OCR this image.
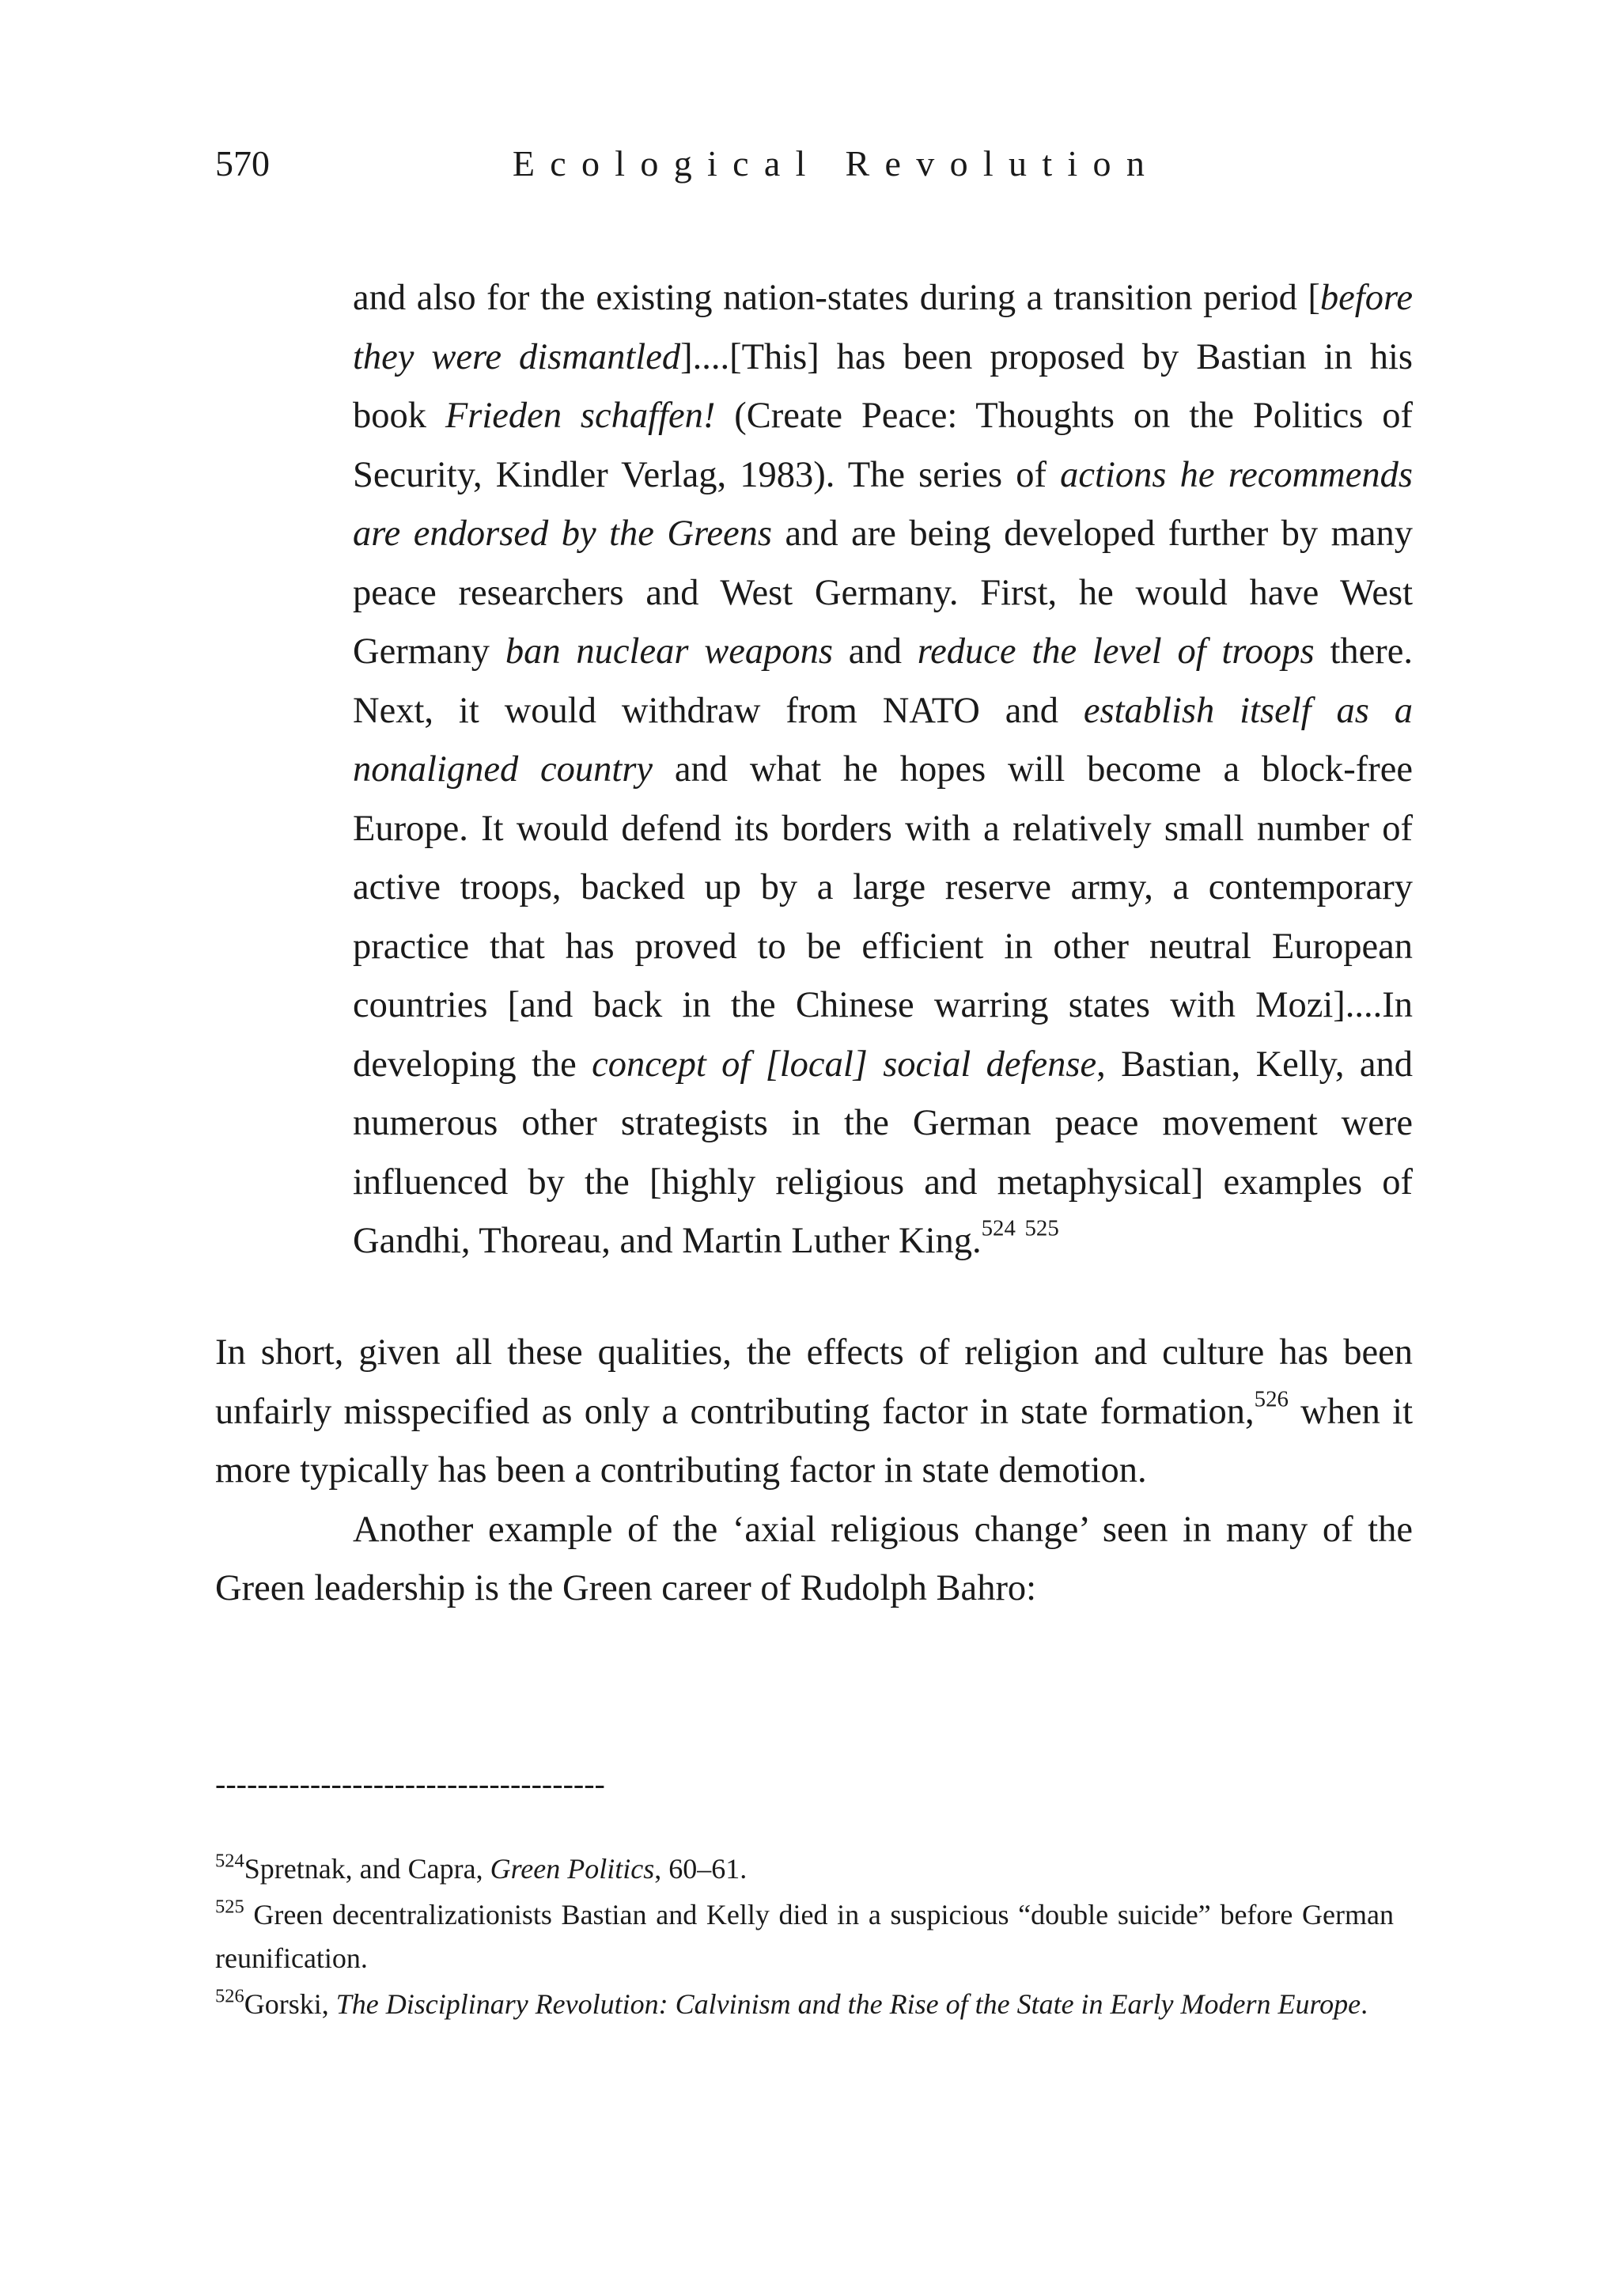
570	Ecological Revolution

and also for the existing nation-states during a transition period [before they were dismantled]....[This] has been proposed by Bastian in his book Frieden schaffen! (Create Peace: Thoughts on the Politics of Security, Kindler Verlag, 1983). The series of actions he recommends are endorsed by the Greens and are being developed further by many peace researchers and West Germany. First, he would have West Germany ban nuclear weapons and reduce the level of troops there. Next, it would withdraw from NATO and establish itself as a nonaligned country and what he hopes will become a block-free Europe. It would defend its borders with a relatively small number of active troops, backed up by a large reserve army, a contemporary practice that has proved to be efficient in other neutral European countries [and back in the Chinese warring states with Mozi]....In developing the concept of [local] social defense, Bastian, Kelly, and numerous other strategists in the German peace movement were influenced by the [highly religious and metaphysical] examples of Gandhi, Thoreau, and Martin Luther King.$^{524}$ $^{525}$

In short, given all these qualities, the effects of religion and culture has been unfairly misspecified as only a contributing factor in state formation,$^{526}$ when it more typically has been a contributing factor in state demotion.

Another example of the ‘axial religious change’ seen in many of the Green leadership is the Green career of Rudolph Bahro:

-------------------------------------

$^{524}$Spretnak, and Capra, Green Politics, 60–61.

$^{525}$ Green decentralizationists Bastian and Kelly died in a suspicious “double suicide” before German reunification.

$^{526}$Gorski, The Disciplinary Revolution: Calvinism and the Rise of the State in Early Modern Europe.
